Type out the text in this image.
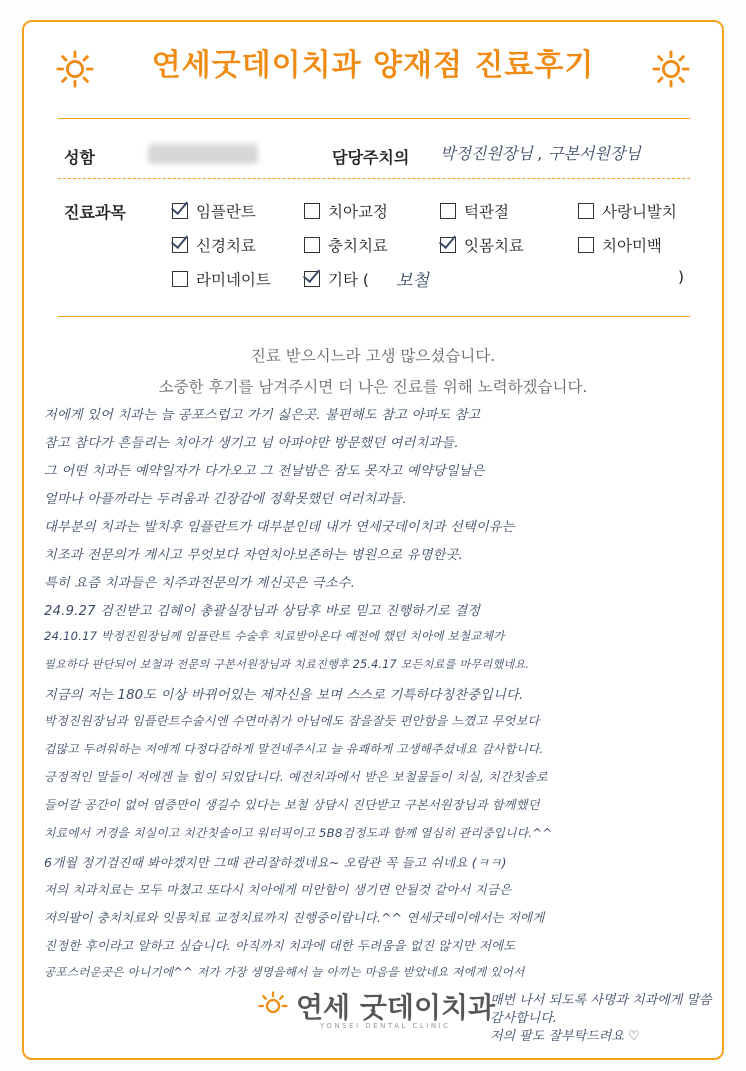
연세굿데이치과 양재점 진료후기
성함	담당주치의 박정진원장님 , 구본서원장님
진료과목	임플란트	치아교정	턱관절	사랑니발치
신경치료	충치치료	잇몸치료	치아미백
라미네이트	기타 ( 보철	)
진료 받으시느라 고생 많으셨습니다.
소중한 후기를 남겨주시면 더 나은 진료를 위해 노력하겠습니다.
저에게 있어 치과는 늘 공포스럽고 가기 싫은곳. 불편해도 참고 아파도 참고
참고 참다가 흔들리는 치아가 생기고 넘 아파야만 방문했던 여러치과들.
그 어떤 치과든 예약일자가 다가오고 그 전날밤은 잠도 못자고 예약당일날은
얼마나 아플까라는 두려움과 긴장감에 정확못했던 여러치과들.
대부분의 치과는 발치후 임플란트가 대부분인데 내가 연세굿데이치과 선택이유는
치조과 전문의가 계시고 무엇보다 자연치아보존하는 병원으로 유명한곳.
특히 요즘 치과들은 치주과전문의가 계신곳은 극소수.
24.9.27 검진받고 김혜이 총괄실장님과 상담후 바로 믿고 진행하기로 결정
24.10.17 박정진원장님께 임플란트 수술후 치료받아온다 예전에 했던 치아에 보철교체가
필요하다 판단되어 보철과 전문의 구본서원장님과 치료진행후 25.4.17 모든치료를 마무리했네요.
지금의 저는 180도 이상 바뀌어있는 제자신을 보며 스스로 기특하다칭찬중입니다.
박정진원장님과 임플란트수술시엔 수면마취가 아님에도 잠을잘듯 편안함을 느꼈고 무엇보다
겁많고 두려워하는 저에게 다정다감하게 말건네주시고 늘 유쾌하게 고생해주셨네요 감사합니다.
긍정적인 말들이 저에겐 늘 힘이 되었답니다. 예전치과에서 받은 보철물들이 치실, 치간칫솔로
들어갈 공간이 없어 염증만이 생길수 있다는 보철 상담시 진단받고 구본서원장님과 함께했던
치료에서 거경을 치실이고 치간칫솔이고 워터픽이고 5B8검정도과 함께 열심히 관리중입니다.^^
6개월 정기검진때 봐야겠지만 그때 관리잘하겠네요~ 오람관 꼭 들고 쉬네요 (ㅋㅋ)
저의 치과치료는 모두 마쳤고 또다시 치아에게 미안함이 생기면 안될것 같아서 지금은
저의팔이 충치치료와 잇몸치료 교정치료까지 진행중이랍니다.^^ 연세굿데이에서는 저에게
진정한 후이라고 알하고 싶습니다. 아직까지 치과에 대한 두려움을 없진 않지만 저에도
공포스러운곳은 아니기에^^ 저가 가장 생명을해서 늘 아끼는 마음을 받았네요 저에게 있어서
연세 굿데이치과
YONSEI DENTAL CLINIC
매번 나서 되도록 사명과 치과에게 말씀
감사합니다.
저의 팔도 잘부탁드려요 ♡
